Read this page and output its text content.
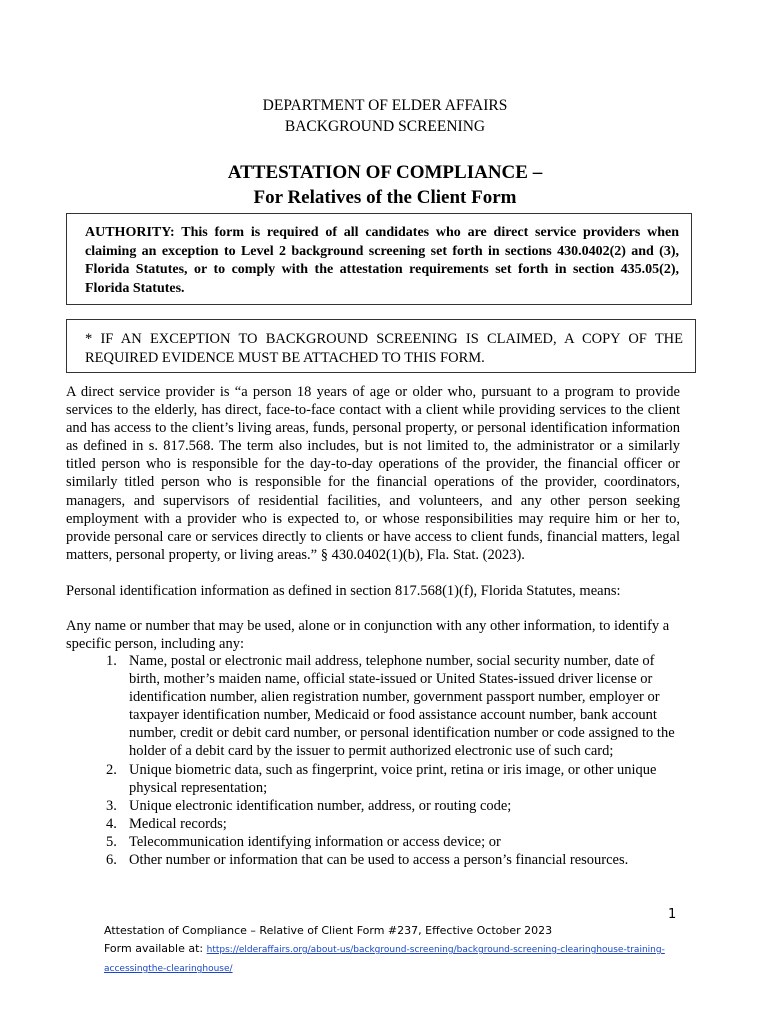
DEPARTMENT OF ELDER AFFAIRS
BACKGROUND SCREENING
ATTESTATION OF COMPLIANCE –
For Relatives of the Client Form
AUTHORITY: This form is required of all candidates who are direct service providers when claiming an exception to Level 2 background screening set forth in sections 430.0402(2) and (3), Florida Statutes, or to comply with the attestation requirements set forth in section 435.05(2), Florida Statutes.
* IF AN EXCEPTION TO BACKGROUND SCREENING IS CLAIMED, A COPY OF THE REQUIRED EVIDENCE MUST BE ATTACHED TO THIS FORM.
A direct service provider is “a person 18 years of age or older who, pursuant to a program to provide services to the elderly, has direct, face-to-face contact with a client while providing services to the client and has access to the client’s living areas, funds, personal property, or personal identification information as defined in s. 817.568. The term also includes, but is not limited to, the administrator or a similarly titled person who is responsible for the day-to-day operations of the provider, the financial officer or similarly titled person who is responsible for the financial operations of the provider, coordinators, managers, and supervisors of residential facilities, and volunteers, and any other person seeking employment with a provider who is expected to, or whose responsibilities may require him or her to, provide personal care or services directly to clients or have access to client funds, financial matters, legal matters, personal property, or living areas.” § 430.0402(1)(b), Fla. Stat. (2023).
Personal identification information as defined in section 817.568(1)(f), Florida Statutes, means:
Any name or number that may be used, alone or in conjunction with any other information, to identify a specific person, including any:
1. Name, postal or electronic mail address, telephone number, social security number, date of birth, mother’s maiden name, official state-issued or United States-issued driver license or identification number, alien registration number, government passport number, employer or taxpayer identification number, Medicaid or food assistance account number, bank account number, credit or debit card number, or personal identification number or code assigned to the holder of a debit card by the issuer to permit authorized electronic use of such card;
2. Unique biometric data, such as fingerprint, voice print, retina or iris image, or other unique physical representation;
3. Unique electronic identification number, address, or routing code;
4. Medical records;
5. Telecommunication identifying information or access device; or
6. Other number or information that can be used to access a person’s financial resources.
1
Attestation of Compliance – Relative of Client Form #237, Effective October 2023
Form available at: https://elderaffairs.org/about-us/background-screening/background-screening-clearinghouse-training-accessingthe-clearinghouse/
